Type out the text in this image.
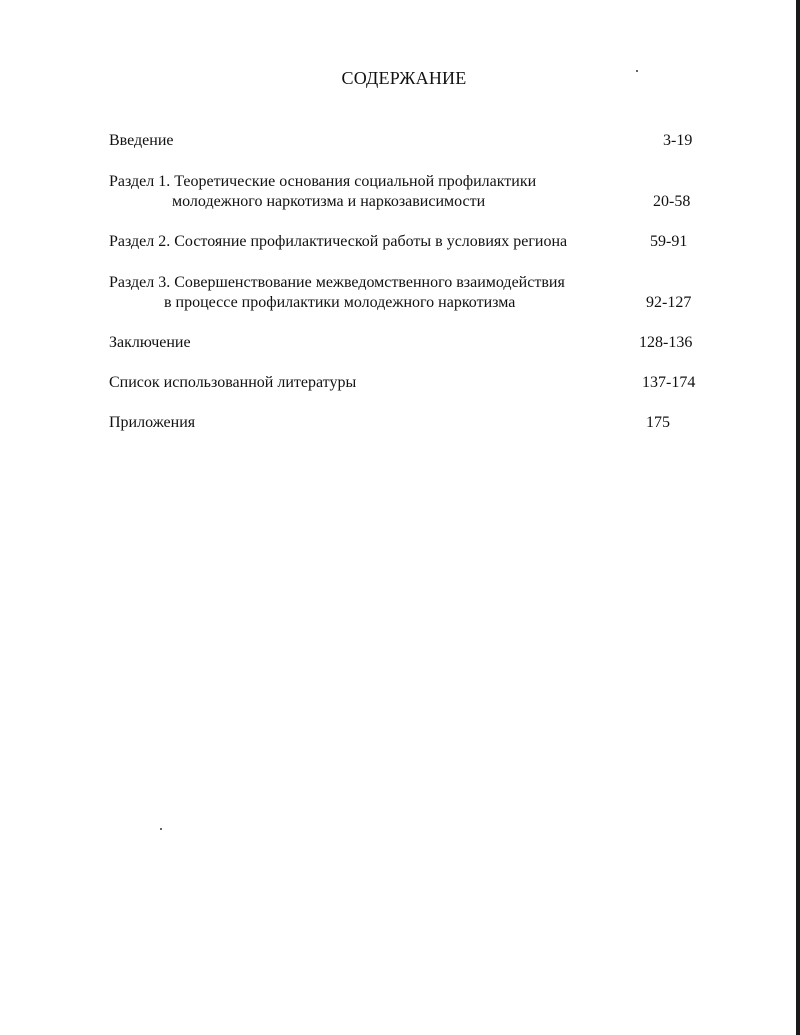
СОДЕРЖАНИЕ
Введение	3-19
Раздел 1. Теоретические основания социальной профилактики
молодежного наркотизма и наркозависимости	20-58
Раздел 2. Состояние профилактической работы в условиях региона	59-91
Раздел 3. Совершенствование межведомственного взаимодействия
в процессе профилактики молодежного наркотизма	92-127
Заключение	128-136
Список использованной литературы	137-174
Приложения	175
